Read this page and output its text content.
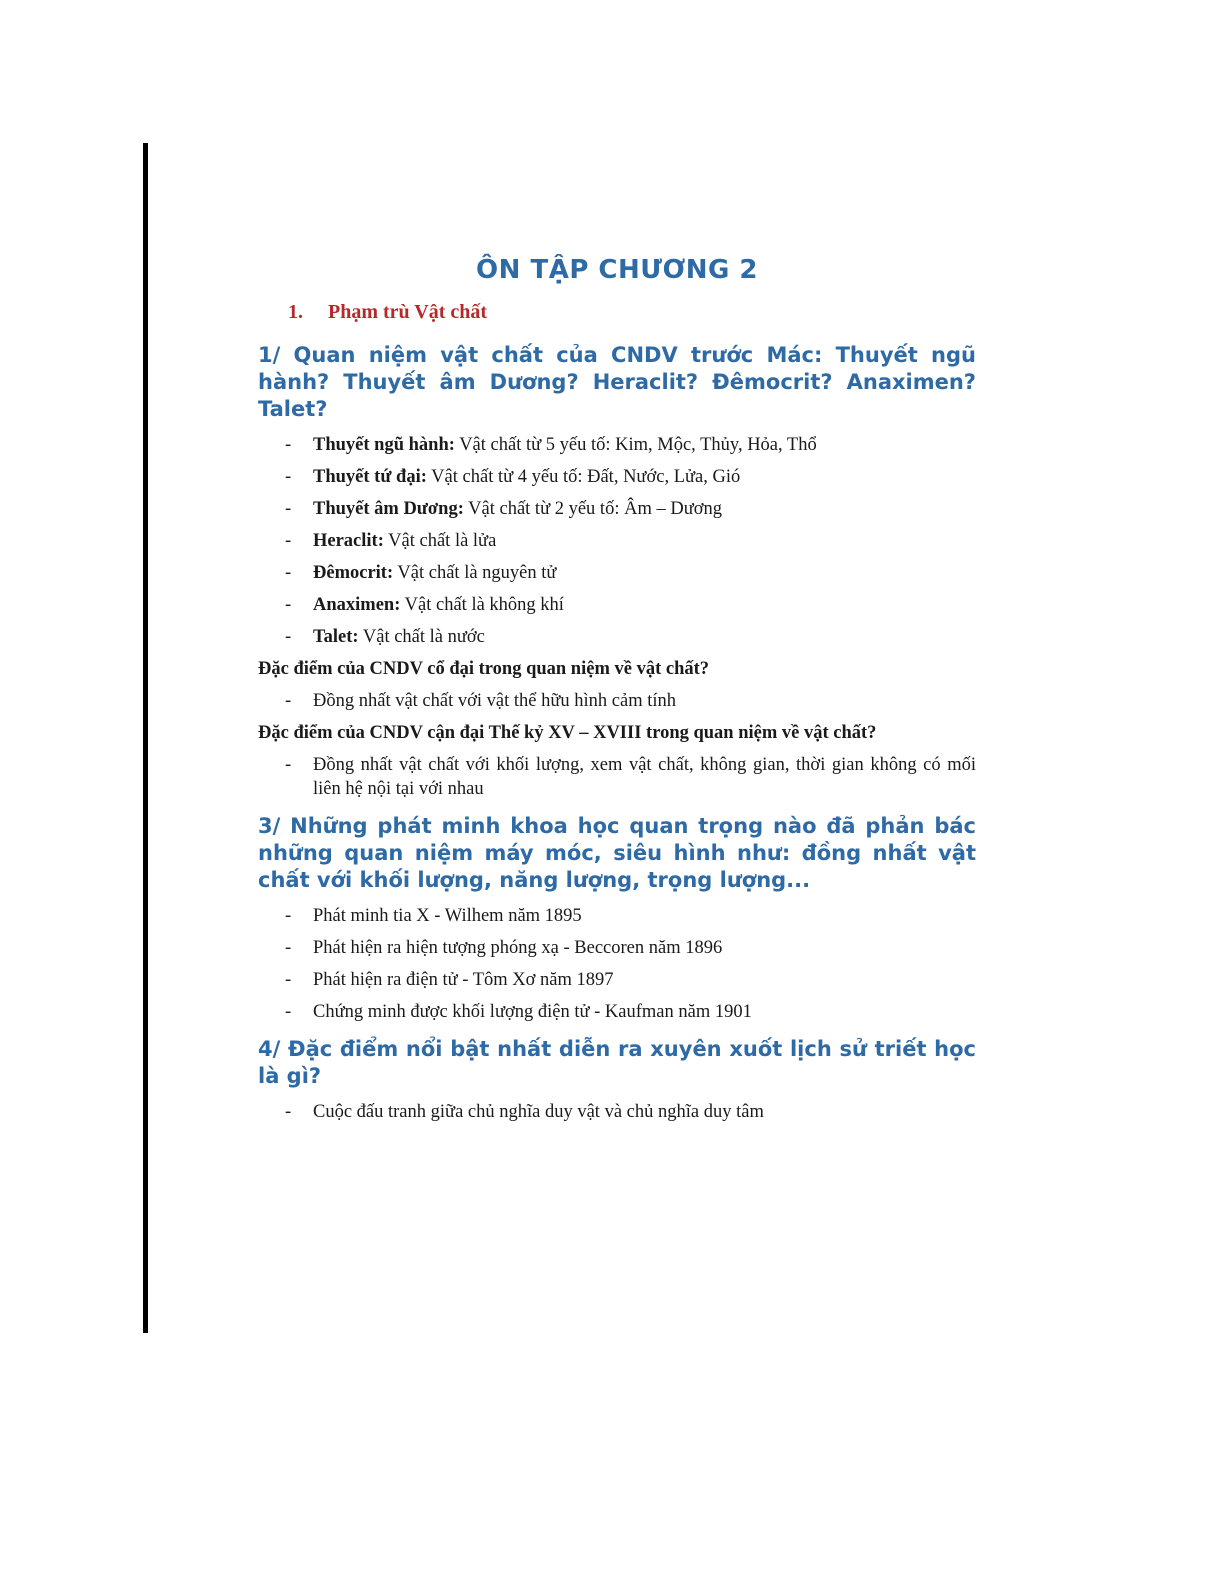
ÔN TẬP CHƯƠNG 2
1. Phạm trù Vật chất
1/ Quan niệm vật chất của CNDV trước Mác: Thuyết ngũ hành? Thuyết âm Dương? Heraclit? Đêmocrit? Anaximen? Talet?
- Thuyết ngũ hành: Vật chất từ 5 yếu tố: Kim, Mộc, Thủy, Hỏa, Thổ
- Thuyết tứ đại: Vật chất từ 4 yếu tố: Đất, Nước, Lửa, Gió
- Thuyết âm Dương: Vật chất từ 2 yếu tố: Âm – Dương
- Heraclit: Vật chất là lửa
- Đêmocrit: Vật chất là nguyên tử
- Anaximen: Vật chất là không khí
- Talet: Vật chất là nước
Đặc điểm của CNDV cổ đại trong quan niệm về vật chất?
- Đồng nhất vật chất với vật thể hữu hình cảm tính
Đặc điểm của CNDV cận đại Thế kỷ XV – XVIII trong quan niệm về vật chất?
- Đồng nhất vật chất với khối lượng, xem vật chất, không gian, thời gian không có mối liên hệ nội tại với nhau
3/ Những phát minh khoa học quan trọng nào đã phản bác những quan niệm máy móc, siêu hình như: đồng nhất vật chất với khối lượng, năng lượng, trọng lượng...
- Phát minh tia X - Wilhem năm 1895
- Phát hiện ra hiện tượng phóng xạ - Beccoren năm 1896
- Phát hiện ra điện tử - Tôm Xơ năm 1897
- Chứng minh được khối lượng điện tử - Kaufman năm 1901
4/ Đặc điểm nổi bật nhất diễn ra xuyên xuốt lịch sử triết học là gì?
- Cuộc đấu tranh giữa chủ nghĩa duy vật và chủ nghĩa duy tâm
